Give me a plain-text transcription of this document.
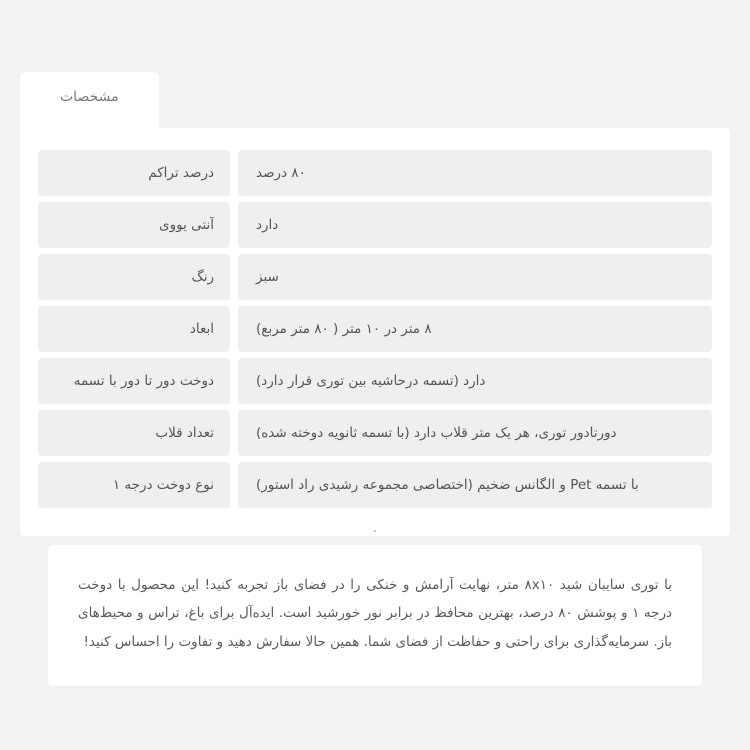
مشخصات
درصد تراکم	۸۰ درصد
آنتی یووی	دارد
رنگ	سبز
ابعاد	۸ متر در ۱۰ متر ( ۸۰ متر مربع)
دوخت دور تا دور با تسمه	دارد (تسمه درحاشیه بین توری قرار دارد)
تعداد قلاب	دورتادور توری، هر یک متر قلاب دارد (با تسمه ثانویه دوخته شده)
نوع دوخت درجه ۱	با تسمه Pet و الگانس ضخیم (اختصاصی مجموعه رشیدی راد استور)
.

با توری سایبان شید ۸x۱۰ متر، نهایت آرامش و خنکی را در فضای باز تجربه کنید! این محصول با دوخت درجه ۱ و پوشش ۸۰ درصد، بهترین محافظ در برابر نور خورشید است. ایده‌آل برای باغ، تراس و محیط‌های باز. سرمایه‌گذاری برای راحتی و حفاظت از فضای شما. همین حالا سفارش دهید و تفاوت را احساس کنید!
